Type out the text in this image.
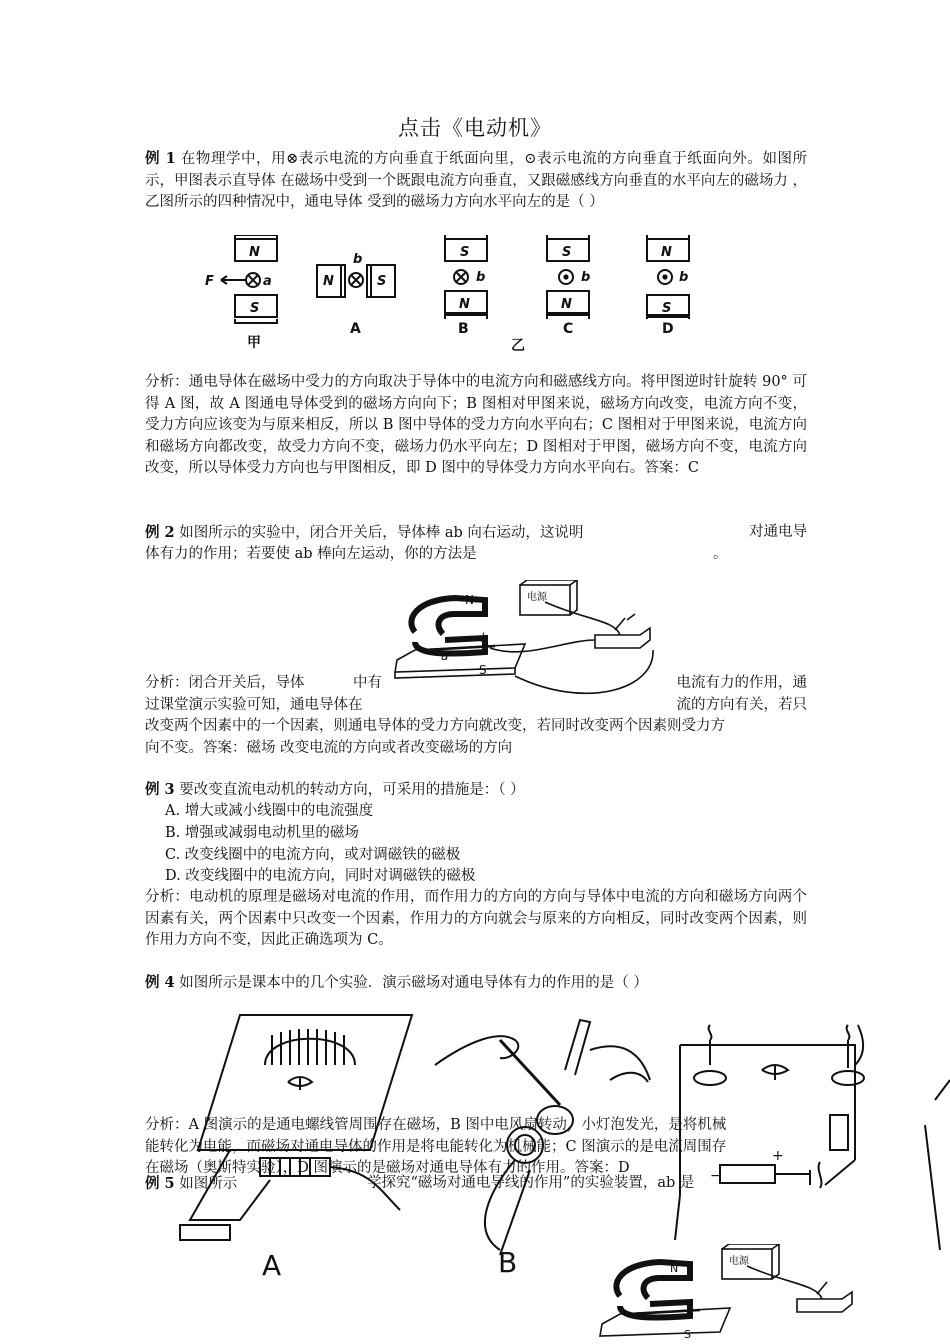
点击《电动机》
例 1 在物理学中，用⊗表示电流的方向垂直于纸面向里，⊙表示电流的方向垂直于纸面向外。如图所示，甲图表示直导体 在磁场中受到一个既跟电流方向垂直，又跟磁感线方向垂直的水平向左的磁场力 ，乙图所示的四种情况中，通电导体 受到的磁场力方向水平向左的是（ ）
N
S
a
F	N	S
b	S
N
b
S
N
b
N
S
b
A	B	C	D
甲	乙
分析：通电导体在磁场中受力的方向取决于导体中的电流方向和磁感线方向。将甲图逆时针旋转 90° 可得 A 图，故 A 图通电导体受到的磁场方向向下；B 图相对甲图来说，磁场方向改变，电流方向不变，受力方向应该变为与原来相反，所以 B 图中导体的受力方向水平向右；C 图相对于甲图来说，电流方向和磁场方向都改变，故受力方向不变，磁场力仍水平向左；D 图相对于甲图，磁场方向不变，电流方向改变，所以导体受力方向也与甲图相反，即 D 图中的导体受力方向水平向右。答案：C
例 2 如图所示的实验中，闭合开关后，导体棒 ab 向右运动，这说明	对通电导
体有力的作用；若要使 ab 棒向左运动，你的方法是	。
N
S
a
b
电源
分析：闭合开关后，导体	中有	电流有力的作用，通
过课堂演示实验可知，通电导体在	流的方向有关，若只
改变两个因素中的一个因素，则通电导体的受力方向就改变，若同时改变两个因素则受力方
向不变。答案：磁场 改变电流的方向或者改变磁场的方向
例 3 要改变直流电动机的转动方向，可采用的措施是：（ ）
A. 增大或减小线圈中的电流强度
B. 增强或减弱电动机里的磁场
C. 改变线圈中的电流方向，或对调磁铁的磁极
D. 改变线圈中的电流方向，同时对调磁铁的磁极
分析：电动机的原理是磁场对电流的作用，而作用力的方向的方向与导体中电流的方向和磁场方向两个因素有关，两个因素中只改变一个因素，作用力的方向就会与原来的方向相反，同时改变两个因素，则作用力方向不变，因此正确选项为 C。
例 4 如图所示是课本中的几个实验．演示磁场对通电导体有力的作用的是（ ）
A	B
−
+
分析：A 图演示的是通电螺线管周围存在磁场，B 图中电风扇转动，小灯泡发光，是将机械
能转化为电能，而磁场对通电导体的作用是将电能转化为机械能；C 图演示的是电流周围存
在磁场（奥斯特实验），D 图演示的是磁场对通电导体有力的作用。答案：D
例 5 如图所示	学探究“磁场对通电导线的作用”的实验装置，ab 是
N
S
电源
